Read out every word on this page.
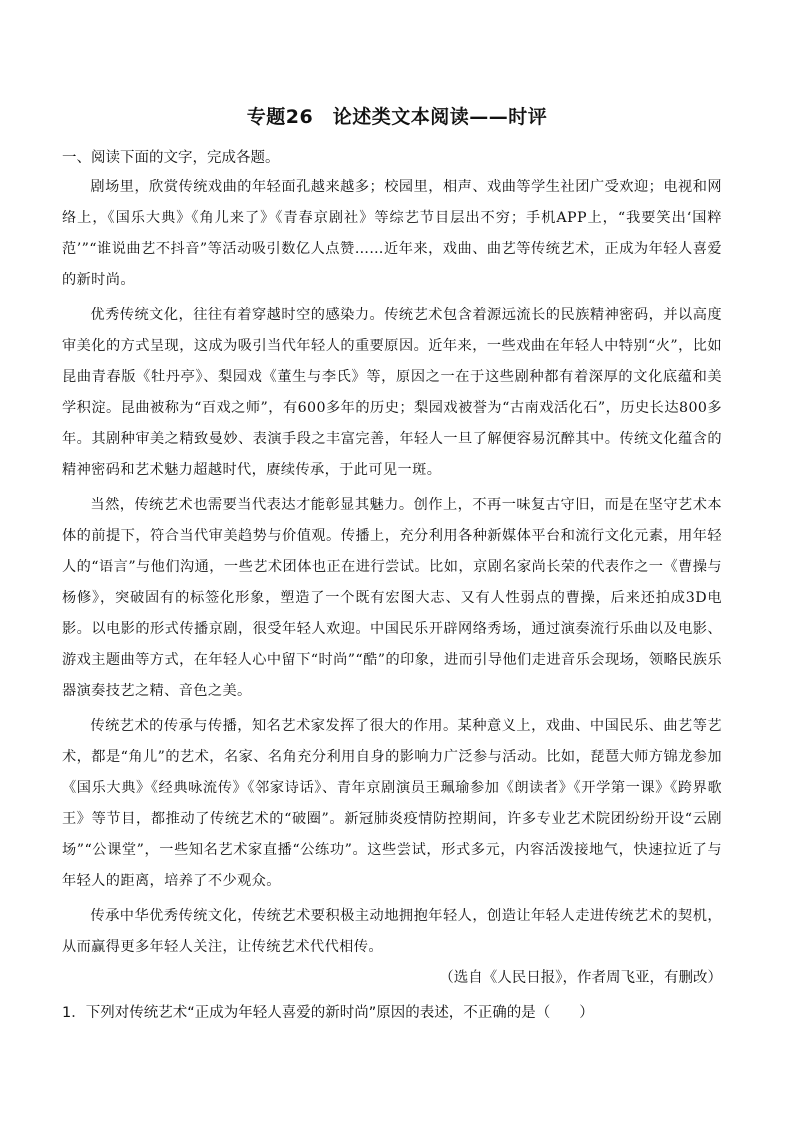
专题26　论述类文本阅读——时评
一、阅读下面的文字，完成各题。

剧场里，欣赏传统戏曲的年轻面孔越来越多；校园里，相声、戏曲等学生社团广受欢迎；电视和网络上，《国乐大典》《角儿来了》《青春京剧社》等综艺节目层出不穷；手机APP上，“我要笑出‘国粹范’”“谁说曲艺不抖音”等活动吸引数亿人点赞……近年来，戏曲、曲艺等传统艺术，正成为年轻人喜爱的新时尚。

优秀传统文化，往往有着穿越时空的感染力。传统艺术包含着源远流长的民族精神密码，并以高度审美化的方式呈现，这成为吸引当代年轻人的重要原因。近年来，一些戏曲在年轻人中特别“火”，比如昆曲青春版《牡丹亭》、梨园戏《董生与李氏》等，原因之一在于这些剧种都有着深厚的文化底蕴和美学积淀。昆曲被称为“百戏之师”，有600多年的历史；梨园戏被誉为“古南戏活化石”，历史长达800多年。其剧种审美之精致曼妙、表演手段之丰富完善，年轻人一旦了解便容易沉醉其中。传统文化蕴含的精神密码和艺术魅力超越时代，赓续传承，于此可见一斑。

当然，传统艺术也需要当代表达才能彰显其魅力。创作上，不再一味复古守旧，而是在坚守艺术本体的前提下，符合当代审美趋势与价值观。传播上，充分利用各种新媒体平台和流行文化元素，用年轻人的“语言”与他们沟通，一些艺术团体也正在进行尝试。比如，京剧名家尚长荣的代表作之一《曹操与杨修》，突破固有的标签化形象，塑造了一个既有宏图大志、又有人性弱点的曹操，后来还拍成3D电影。以电影的形式传播京剧，很受年轻人欢迎。中国民乐开辟网络秀场，通过演奏流行乐曲以及电影、游戏主题曲等方式，在年轻人心中留下“时尚”“酷”的印象，进而引导他们走进音乐会现场，领略民族乐器演奏技艺之精、音色之美。

传统艺术的传承与传播，知名艺术家发挥了很大的作用。某种意义上，戏曲、中国民乐、曲艺等艺术，都是“角儿”的艺术，名家、名角充分利用自身的影响力广泛参与活动。比如，琵琶大师方锦龙参加《国乐大典》《经典咏流传》《邻家诗话》、青年京剧演员王珮瑜参加《朗读者》《开学第一课》《跨界歌王》等节目，都推动了传统艺术的“破圈”。新冠肺炎疫情防控期间，许多专业艺术院团纷纷开设“云剧场”“公课堂”，一些知名艺术家直播“公练功”。这些尝试，形式多元，内容活泼接地气，快速拉近了与年轻人的距离，培养了不少观众。

传承中华优秀传统文化，传统艺术要积极主动地拥抱年轻人，创造让年轻人走进传统艺术的契机，从而赢得更多年轻人关注，让传统艺术代代相传。

（选自《人民日报》，作者周飞亚，有删改）
1．下列对传统艺术“正成为年轻人喜爱的新时尚”原因的表述，不正确的是（　　）
